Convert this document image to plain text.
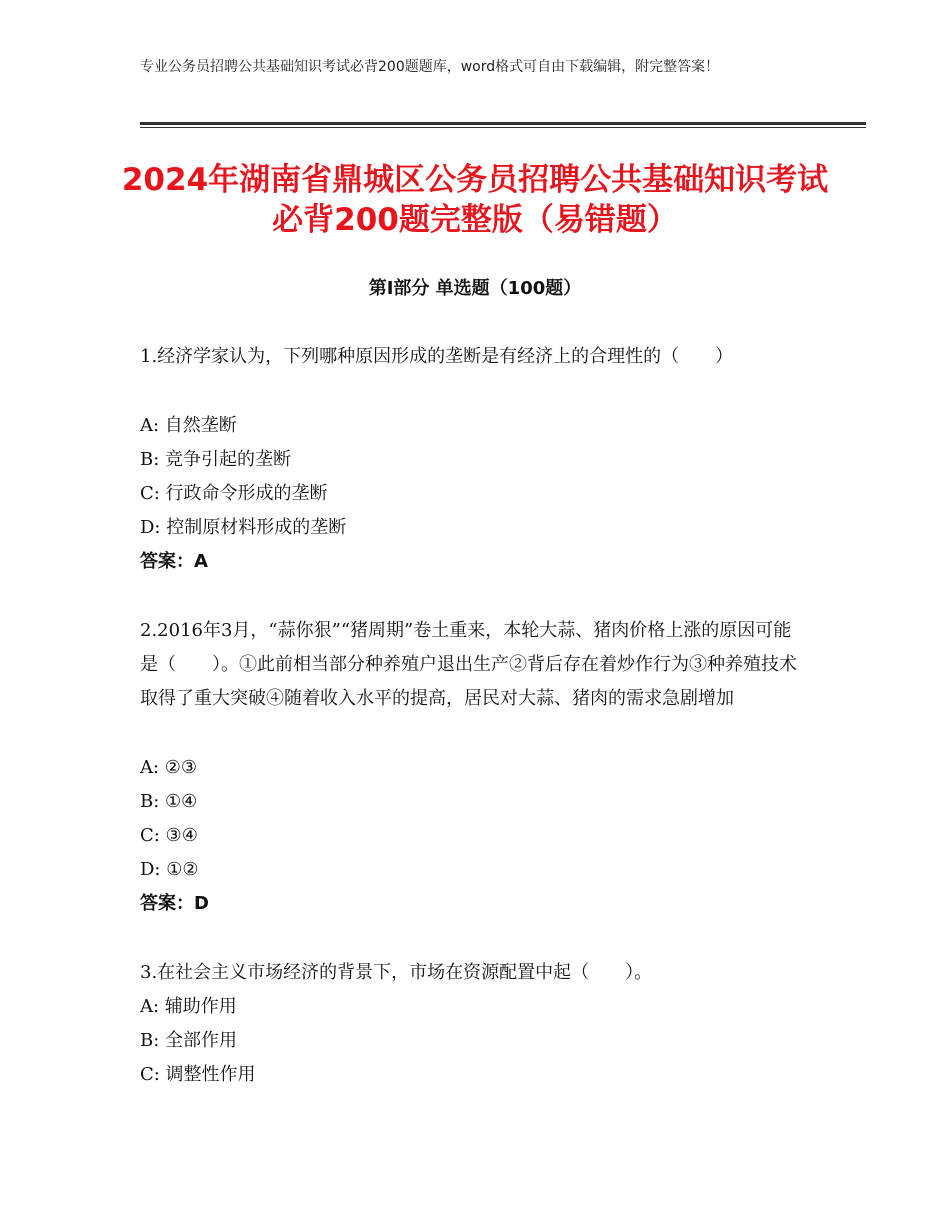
专业公务员招聘公共基础知识考试必背200题题库，word格式可自由下载编辑，附完整答案！
2024年湖南省鼎城区公务员招聘公共基础知识考试必背200题完整版（易错题）
第Ⅰ部分 单选题（100题）
1.经济学家认为，下列哪种原因形成的垄断是有经济上的合理性的（　　）
A: 自然垄断
B: 竞争引起的垄断
C: 行政命令形成的垄断
D: 控制原材料形成的垄断
答案：A
2.2016年3月，“蒜你狠”“猪周期”卷土重来，本轮大蒜、猪肉价格上涨的原因可能是（　　）。①此前相当部分种养殖户退出生产②背后存在着炒作行为③种养殖技术取得了重大突破④随着收入水平的提高，居民对大蒜、猪肉的需求急剧增加
A: ②③
B: ①④
C: ③④
D: ①②
答案：D
3.在社会主义市场经济的背景下，市场在资源配置中起（　　）。
A: 辅助作用
B: 全部作用
C: 调整性作用
